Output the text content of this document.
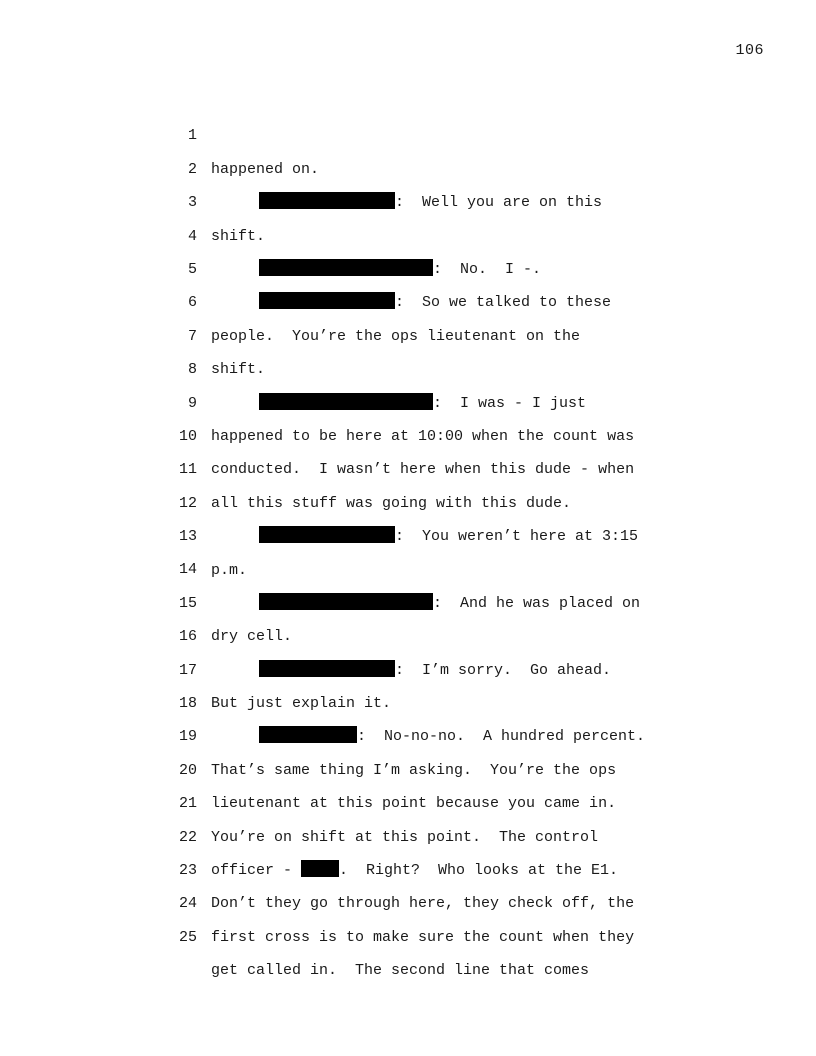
106

1

happened on.

2

:  Well you are on this

3

shift.

4

:  No.  I -.

5

:  So we talked to these

6

people.  You’re the ops lieutenant on the

7

shift.

8

:  I was - I just

9

happened to be here at 10:00 when the count was

10

conducted.  I wasn’t here when this dude - when

11

all this stuff was going with this dude.

12

:  You weren’t here at 3:15

13

p.m.

14

:  And he was placed on

15

dry cell.

16

:  I’m sorry.  Go ahead.

17

But just explain it.

18

:  No-no-no.  A hundred percent.

19

That’s same thing I’m asking.  You’re the ops

20

lieutenant at this point because you came in.

21

You’re on shift at this point.  The control

22

officer -	.  Right?  Who looks at the E1.

23

Don’t they go through here, they check off, the

24

first cross is to make sure the count when they

25

get called in.  The second line that comes
